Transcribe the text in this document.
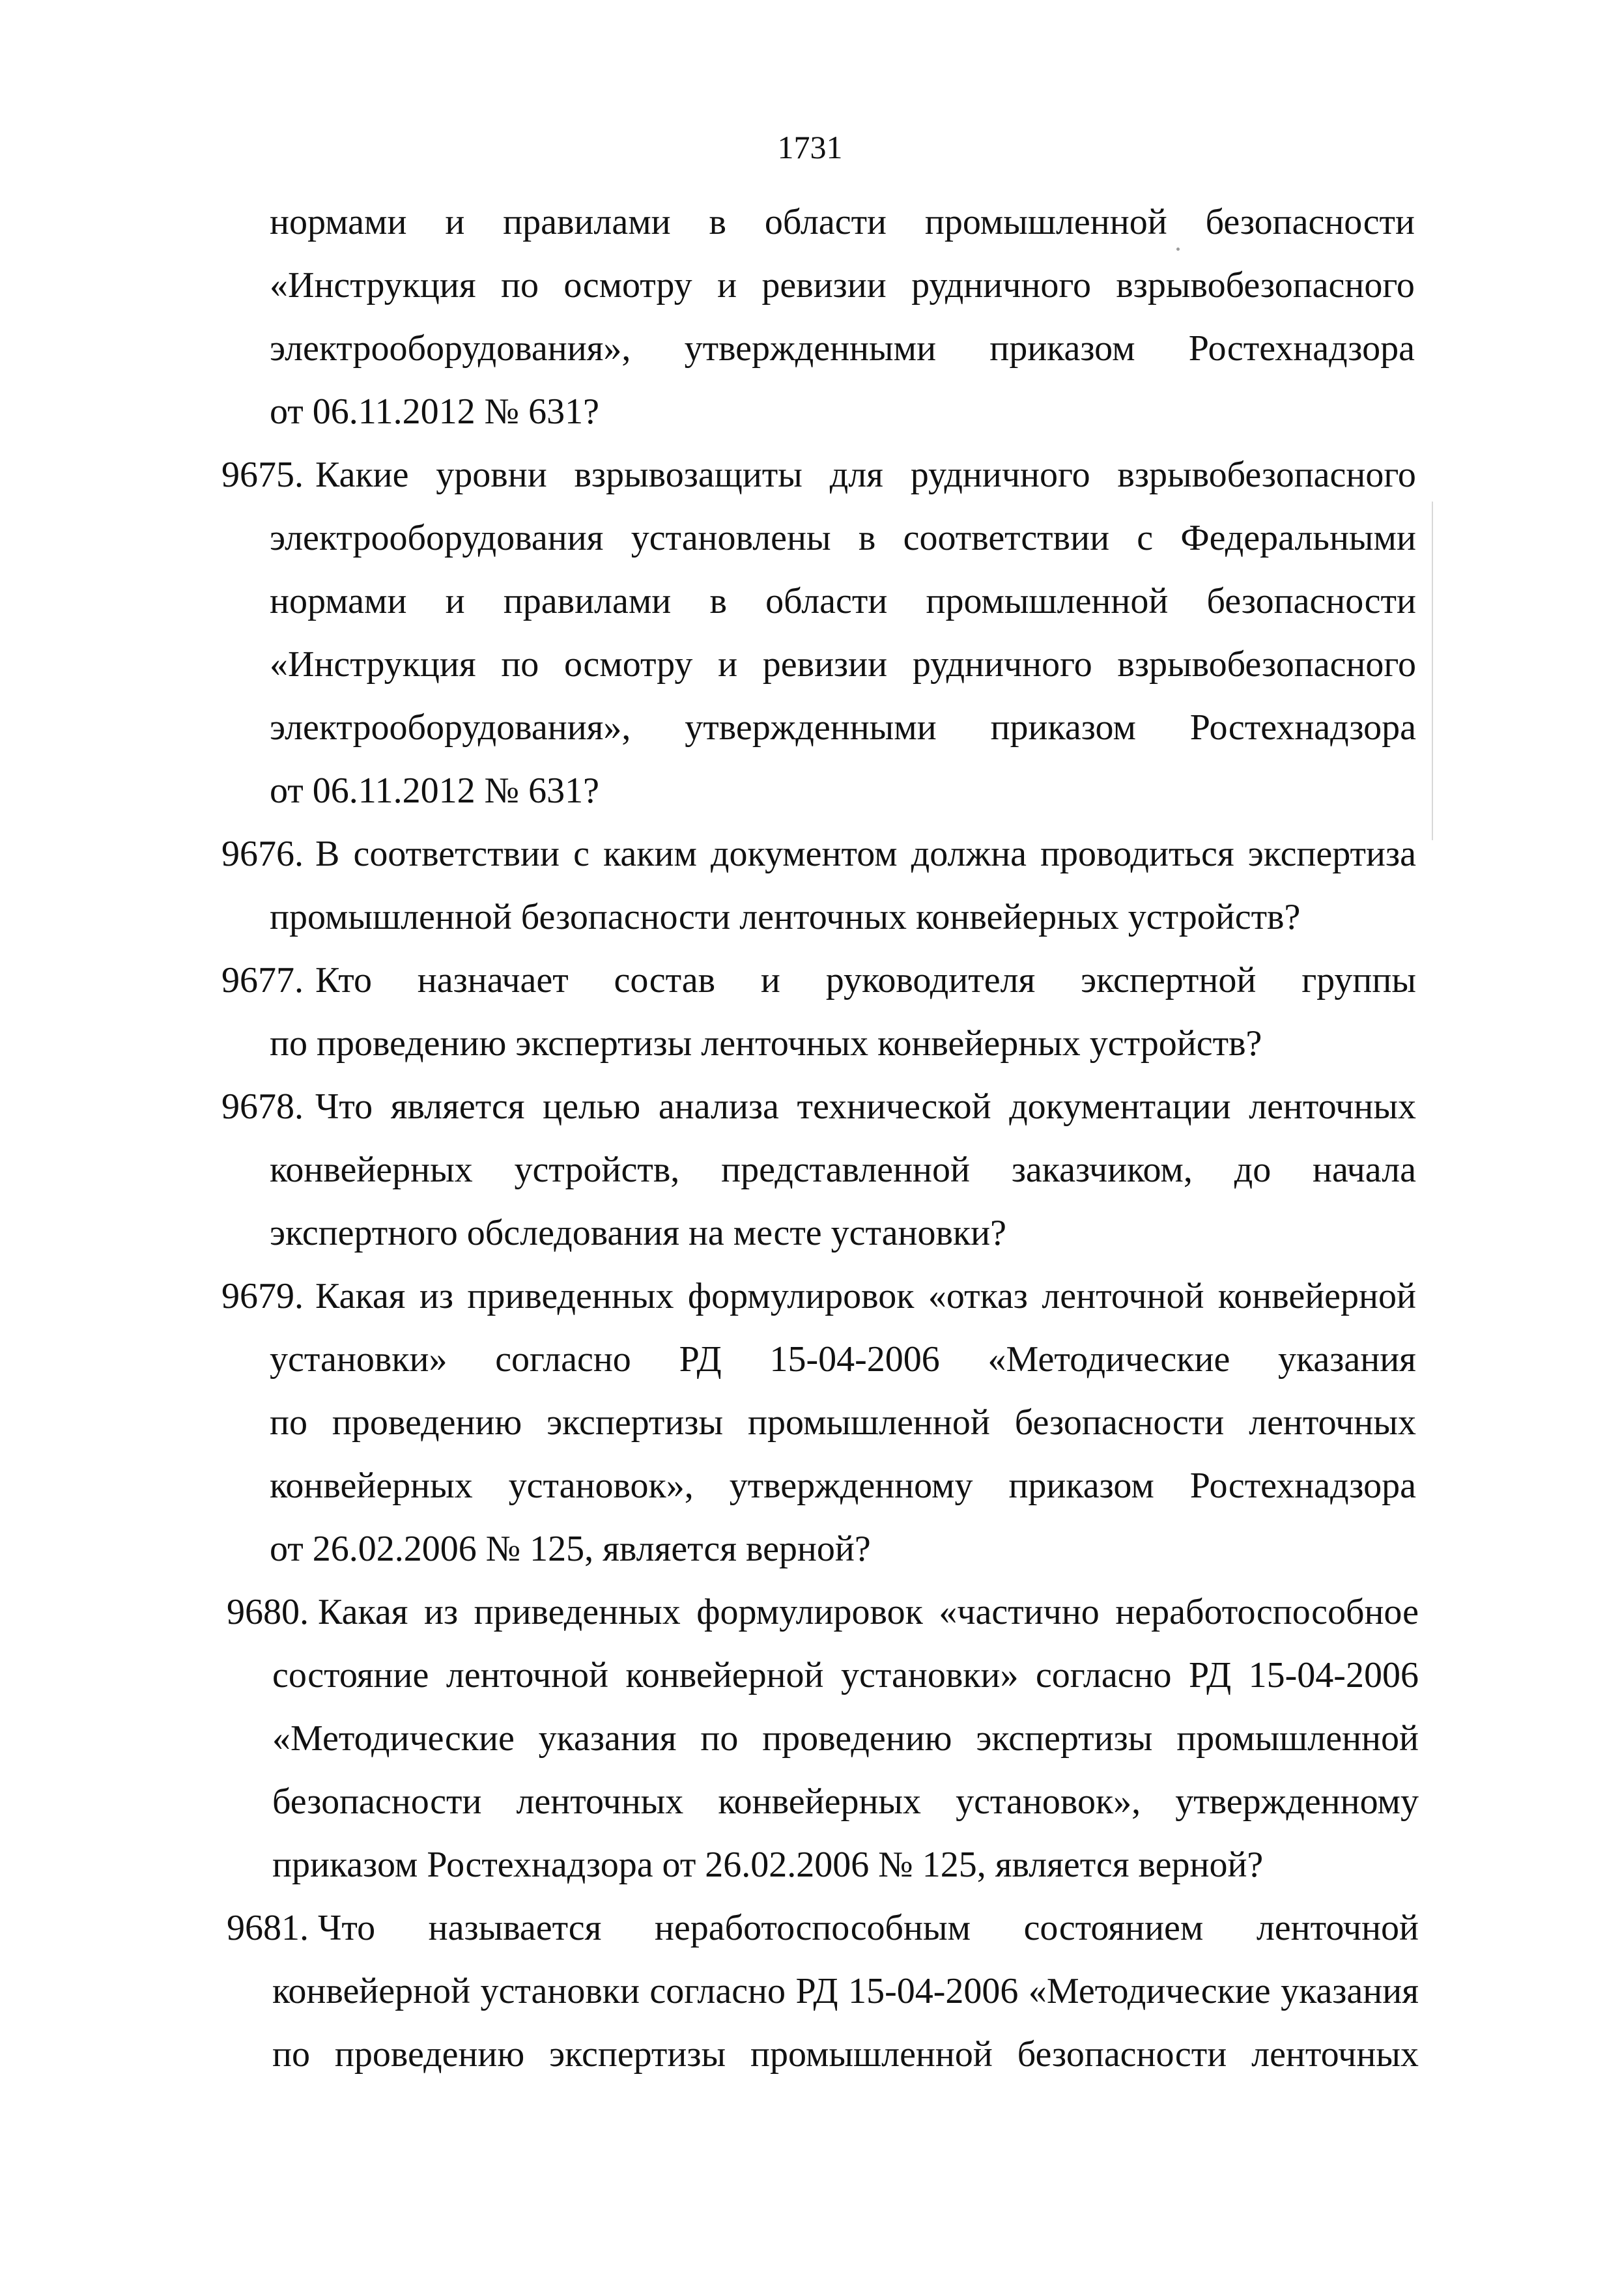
1731
нормами и правилами в области промышленной безопасности
«Инструкция по осмотру и ревизии рудничного взрывобезопасного
электрооборудования», утвержденными приказом Ростехнадзора
от 06.11.2012 № 631?
9675. Какие уровни взрывозащиты для рудничного взрывобезопасного
электрооборудования установлены в соответствии с Федеральными
нормами и правилами в области промышленной безопасности
«Инструкция по осмотру и ревизии рудничного взрывобезопасного
электрооборудования», утвержденными приказом Ростехнадзора
от 06.11.2012 № 631?
9676. В соответствии с каким документом должна проводиться экспертиза
промышленной безопасности ленточных конвейерных устройств?
9677. Кто назначает состав и руководителя экспертной группы
по проведению экспертизы ленточных конвейерных устройств?
9678. Что является целью анализа технической документации ленточных
конвейерных устройств, представленной заказчиком, до начала
экспертного обследования на месте установки?
9679. Какая из приведенных формулировок «отказ ленточной конвейерной
установки» согласно РД 15-04-2006 «Методические указания
по проведению экспертизы промышленной безопасности ленточных
конвейерных установок», утвержденному приказом Ростехнадзора
от 26.02.2006 № 125, является верной?
9680. Какая из приведенных формулировок «частично неработоспособное
состояние ленточной конвейерной установки» согласно РД 15-04-2006
«Методические указания по проведению экспертизы промышленной
безопасности ленточных конвейерных установок», утвержденному
приказом Ростехнадзора от 26.02.2006 № 125, является верной?
9681. Что называется неработоспособным состоянием ленточной
конвейерной установки согласно РД 15-04-2006 «Методические указания
по проведению экспертизы промышленной безопасности ленточных
